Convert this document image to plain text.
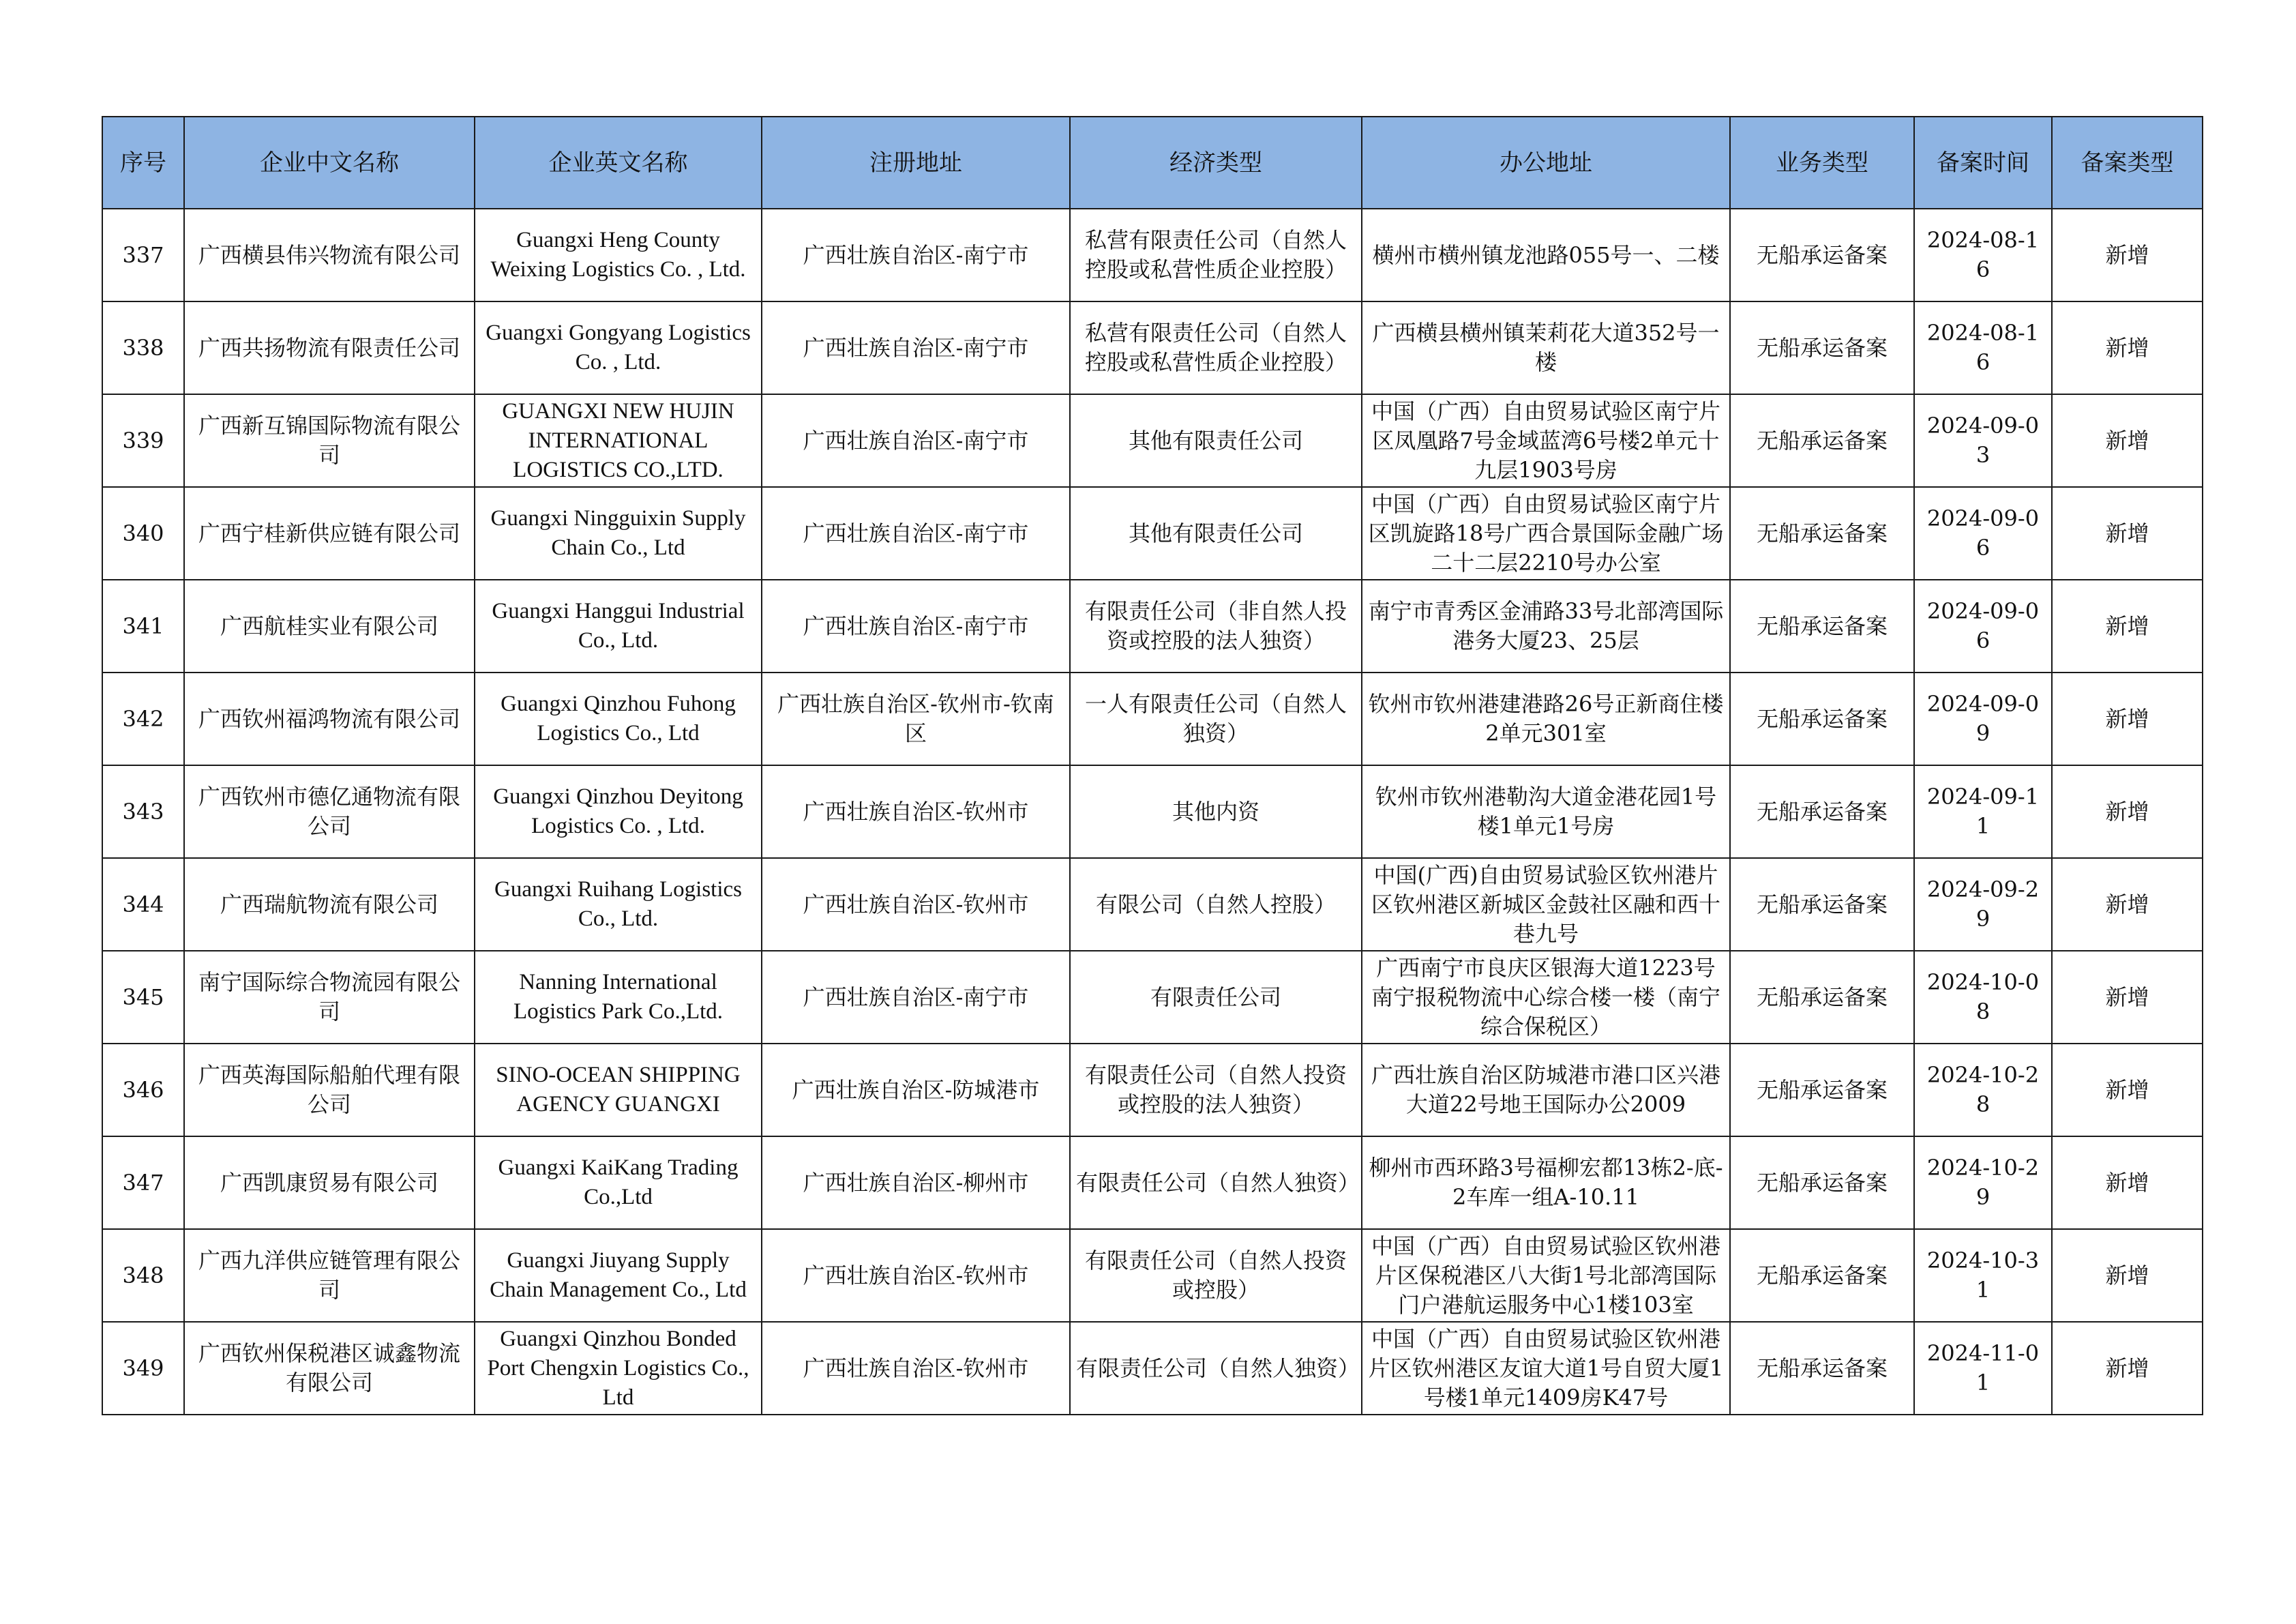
序号	企业中文名称	企业英文名称	注册地址	经济类型	办公地址	业务类型	备案时间	备案类型
337	广西横县伟兴物流有限公司	Guangxi Heng County Weixing Logistics Co. , Ltd.	广西壮族自治区-南宁市	私营有限责任公司（自然人控股或私营性质企业控股）	横州市横州镇龙池路055号一、二楼	无船承运备案	2024-08-16	新增
338	广西共扬物流有限责任公司	Guangxi Gongyang Logistics Co. , Ltd.	广西壮族自治区-南宁市	私营有限责任公司（自然人控股或私营性质企业控股）	广西横县横州镇茉莉花大道352号一楼	无船承运备案	2024-08-16	新增
339	广西新互锦国际物流有限公司	GUANGXI NEW HUJIN INTERNATIONAL LOGISTICS CO.,LTD.	广西壮族自治区-南宁市	其他有限责任公司	中国（广西）自由贸易试验区南宁片区凤凰路7号金域蓝湾6号楼2单元十九层1903号房	无船承运备案	2024-09-03	新增
340	广西宁桂新供应链有限公司	Guangxi Ningguixin Supply Chain Co., Ltd	广西壮族自治区-南宁市	其他有限责任公司	中国（广西）自由贸易试验区南宁片区凯旋路18号广西合景国际金融广场二十二层2210号办公室	无船承运备案	2024-09-06	新增
341	广西航桂实业有限公司	Guangxi Hanggui Industrial Co., Ltd.	广西壮族自治区-南宁市	有限责任公司（非自然人投资或控股的法人独资）	南宁市青秀区金浦路33号北部湾国际港务大厦23、25层	无船承运备案	2024-09-06	新增
342	广西钦州福鸿物流有限公司	Guangxi Qinzhou Fuhong Logistics Co., Ltd	广西壮族自治区-钦州市-钦南区	一人有限责任公司（自然人独资）	钦州市钦州港建港路26号正新商住楼2单元301室	无船承运备案	2024-09-09	新增
343	广西钦州市德亿通物流有限公司	Guangxi Qinzhou Deyitong Logistics Co. , Ltd.	广西壮族自治区-钦州市	其他内资	钦州市钦州港勒沟大道金港花园1号楼1单元1号房	无船承运备案	2024-09-11	新增
344	广西瑞航物流有限公司	Guangxi Ruihang Logistics Co., Ltd.	广西壮族自治区-钦州市	有限公司（自然人控股）	中国(广西)自由贸易试验区钦州港片区钦州港区新城区金鼓社区融和西十巷九号	无船承运备案	2024-09-29	新增
345	南宁国际综合物流园有限公司	Nanning International Logistics Park Co.,Ltd.	广西壮族自治区-南宁市	有限责任公司	广西南宁市良庆区银海大道1223号南宁报税物流中心综合楼一楼（南宁综合保税区）	无船承运备案	2024-10-08	新增
346	广西英海国际船舶代理有限公司	SINO-OCEAN SHIPPING AGENCY GUANGXI	广西壮族自治区-防城港市	有限责任公司（自然人投资或控股的法人独资）	广西壮族自治区防城港市港口区兴港大道22号地王国际办公2009	无船承运备案	2024-10-28	新增
347	广西凯康贸易有限公司	Guangxi KaiKang Trading Co.,Ltd	广西壮族自治区-柳州市	有限责任公司（自然人独资）	柳州市西环路3号福柳宏都13栋2-底-2车库一组A-10.11	无船承运备案	2024-10-29	新增
348	广西九洋供应链管理有限公司	Guangxi Jiuyang Supply Chain Management Co., Ltd	广西壮族自治区-钦州市	有限责任公司（自然人投资或控股）	中国（广西）自由贸易试验区钦州港片区保税港区八大街1号北部湾国际门户港航运服务中心1楼103室	无船承运备案	2024-10-31	新增
349	广西钦州保税港区诚鑫物流有限公司	Guangxi Qinzhou Bonded Port Chengxin Logistics Co., Ltd	广西壮族自治区-钦州市	有限责任公司（自然人独资）	中国（广西）自由贸易试验区钦州港片区钦州港区友谊大道1号自贸大厦1号楼1单元1409房K47号	无船承运备案	2024-11-01	新增
